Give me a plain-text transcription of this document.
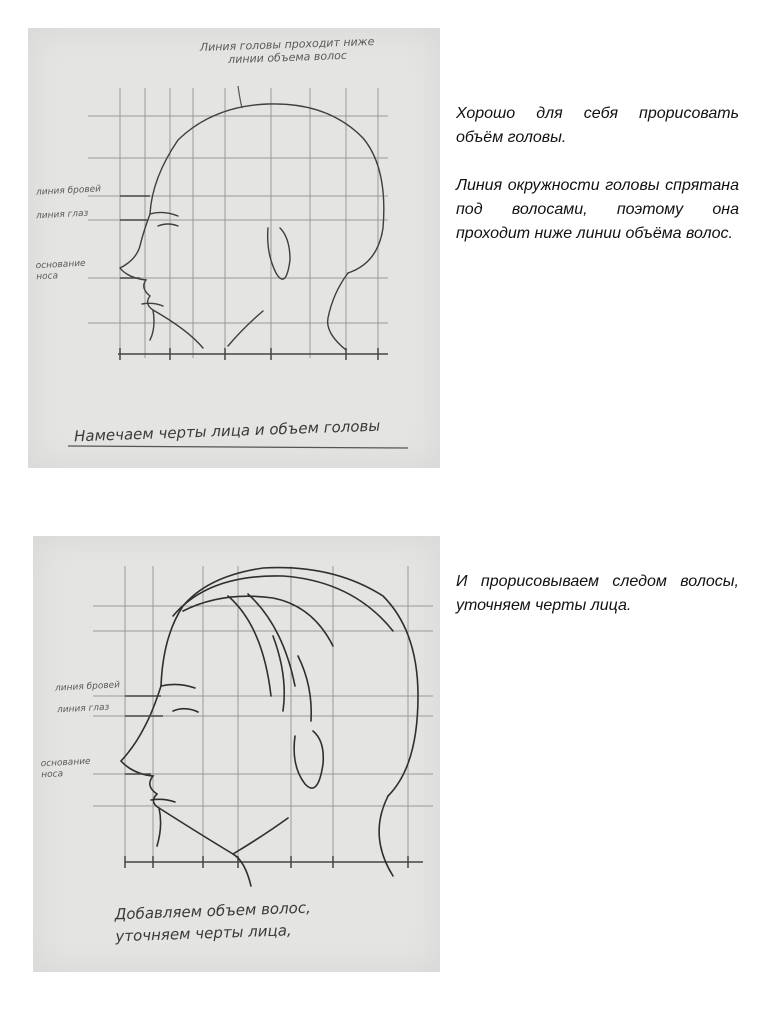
Линия головы проходит ниже
линии объема волос
линия бровей
линия глаз
основание
носа
Намечаем черты лица и объем головы
линия бровей
линия глаз
основание
носа
Добавляем объем волос,
уточняем черты лица,

Хорошо для себя прорисовать объём головы.

Линия окружности головы спрятана под волосами, поэтому она проходит ниже линии объёма волос.

И прорисовываем следом волосы, уточняем черты лица.
